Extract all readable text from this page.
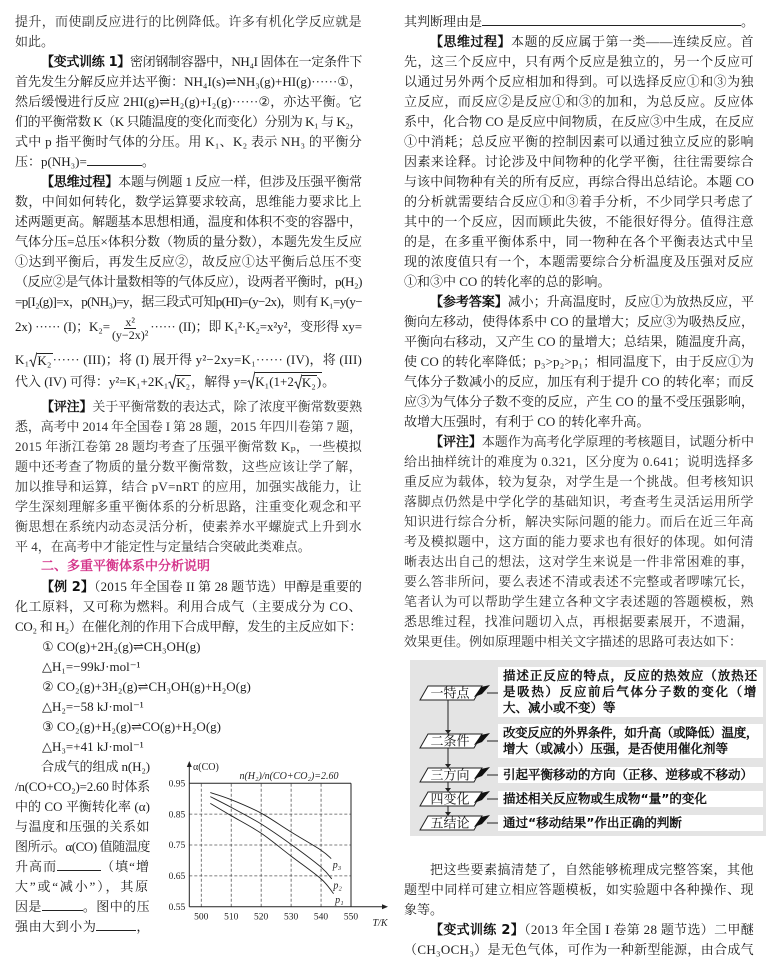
提升，而使副反应进行的比例降低。许多有机化学反应就是
如此。
【变式训练 1】密闭钢制容器中，NH₄I 固体在一定条件下
首先发生分解反应并达平衡：NH₄I(s)⇌NH₃(g)+HI(g)······①，
然后缓慢进行反应 2HI(g)⇌H₂(g)+I₂(g)······②，亦达平衡。它
们的平衡常数 K（K 只随温度的变化而变化）分别为 K₁ 与 K₂，
式中 p 指平衡时气体的分压。用 K₁、K₂ 表示 NH₃ 的平衡分
压：p(NH₃)=	。
【思维过程】本题与例题 1 反应一样，但涉及压强平衡常
数，中间如何转化，数学运算要求较高，思维能力要求比上
述两题更高。解题基本思想相通，温度和体积不变的容器中，
气体分压=总压×体积分数（物质的量分数），本题先发生反应
①达到平衡后，再发生反应②，故反应①达平衡后总压不变
（反应②是气体计量数相等的气体反应），设两者平衡时，p(H₂)
=p[I₂(g)]=x，p(NH₃)=y，据三段式可知p(HI)=(y−2x)，则有 K₁=y(y−
2x) ······ (I)；$K_2= \frac{\text{x²}}{\text{(y−2x)²}}$ ······ (II)；即 K₁²·K₂=x²y²，变形得 xy=
K₁ K₂ ······ (III)；将 (I) 展开得 y²−2xy=K₁······ (IV)，将 (III)
代入 (IV) 可得：y²=K₁+2K₁ K₂ ，解得 y= K₁(1+2 K₂ ) 。
【评注】关于平衡常数的表达式，除了浓度平衡常数要熟
悉，高考中 2014 年全国卷 I 第 28 题，2015 年四川卷第 7 题，
2015 年浙江卷第 28 题均考查了压强平衡常数 Kₚ，一些模拟
题中还考查了物质的量分数平衡常数，这些应该让学了解，
加以推导和运算，结合 pV=nRT 的应用，加强实战能力，让
学生深刻理解多重平衡体系的分析思路，注重变化观念和平
衡思想在系统内动态灵活分析，使素养水平螺旋式上升到水
平 4，在高考中才能定性与定量结合突破此类难点。
二、多重平衡体系中分析说明
【例 2】（2015 年全国卷 II 第 28 题节选）甲醇是重要的
化工原料，又可称为燃料。利用合成气（主要成分为 CO、
CO₂ 和 H₂）在催化剂的作用下合成甲醇，发生的主反应如下：
① CO(g)+2H₂(g)⇌CH₃OH(g)
△H₁=−99kJ·mol⁻¹
② CO₂(g)+3H₂(g)⇌CH₃OH(g)+H₂O(g)
△H₂=−58 kJ·mol⁻¹
③ CO₂(g)+H₂(g)⇌CO(g)+H₂O(g)
△H₃=+41 kJ·mol⁻¹
合成气的组成 n(H₂)
/n(CO+CO₂)=2.60 时体系
中的 CO 平衡转化率 (α)
与温度和压强的关系如
图所示。α(CO) 值随温度
升高而	（填“增
大”或“减小”），其原
因是	。图中的压
强由大到小为	，
500 510 520 530 540 550
0.55
0.65
0.75
0.85
0.95
p₃
p₂
p₁
α(CO)
n(H₂)/n(CO+CO₂)=2.60
T/K
其判断理由是	。
【思维过程】本题的反应属于第一类——连续反应。首
先，这三个反应中，只有两个反应是独立的，另一个反应可
以通过另外两个反应相加和得到。可以选择反应①和③为独
立反应，而反应②是反应①和③的加和，为总反应。反应体
系中，化合物 CO 是反应中间物质，在反应③中生成，在反应
①中消耗；总反应平衡的控制因素可以通过独立反应的影响
因素来诠释。讨论涉及中间物种的化学平衡，往往需要综合
与该中间物种有关的所有反应，再综合得出总结论。本题 CO
的分析就需要结合反应①和③着手分析，不少同学只考虑了
其中的一个反应，因而顾此失彼，不能很好得分。值得注意
的是，在多重平衡体系中，同一物种在各个平衡表达式中呈
现的浓度值只有一个，本题需要综合分析温度及压强对反应
①和③中 CO 的转化率的总的影响。
【参考答案】减小；升高温度时，反应①为放热反应，平
衡向左移动，使得体系中 CO 的量增大；反应③为吸热反应，
平衡向右移动，又产生 CO 的量增大；总结果，随温度升高，
使 CO 的转化率降低；p₃>p₂>p₁；相同温度下，由于反应①为
气体分子数减小的反应，加压有利于提升 CO 的转化率；而反
应③为气体分子数不变的反应，产生 CO 的量不受压强影响，
故增大压强时，有利于 CO 的转化率升高。
【评注】本题作为高考化学原理的考核题目，试题分析中
给出抽样统计的难度为 0.321，区分度为 0.641；说明选择多
重反应为载体，较为复杂，对学生是一个挑战。但考核知识
落脚点仍然是中学化学的基础知识，考查考生灵活运用所学
知识进行综合分析，解决实际问题的能力。而后在近三年高
考及模拟题中，这方面的能力要求也有很好的体现。如何清
晰表达出自己的想法，这对学生来说是一件非常困难的事，
要么答非所问，要么表述不清或表述不完整或者啰嗦冗长，
笔者认为可以帮助学生建立各种文字表述题的答题模板，熟
悉思维过程，找准问题切入点，再根据要素展开，不遗漏，
效果更佳。例如原理题中相关文字描述的思路可表达如下：
一特点
二条件
三方向
四变化
五结论
描述正反应的特点，反应的热效应（放热还
是吸热）反应前后气体分子数的变化（增
大、减小或不变）等
改变反应的外界条件，如升高（或降低）温度，
增大（或减小）压强，是否使用催化剂等
引起平衡移动的方向（正移、逆移或不移动）
描述相关反应物或生成物“量”的变化
通过“移动结果”作出正确的判断
把这些要素搞清楚了，自然能够梳理成完整答案，其他
题型中同样可建立相应答题模板，如实验题中各种操作、现
象等。
【变式训练 2】（2013 年全国 I 卷第 28 题节选）二甲醚
（CH₃OCH₃）是无色气体，可作为一种新型能源，由合成气
